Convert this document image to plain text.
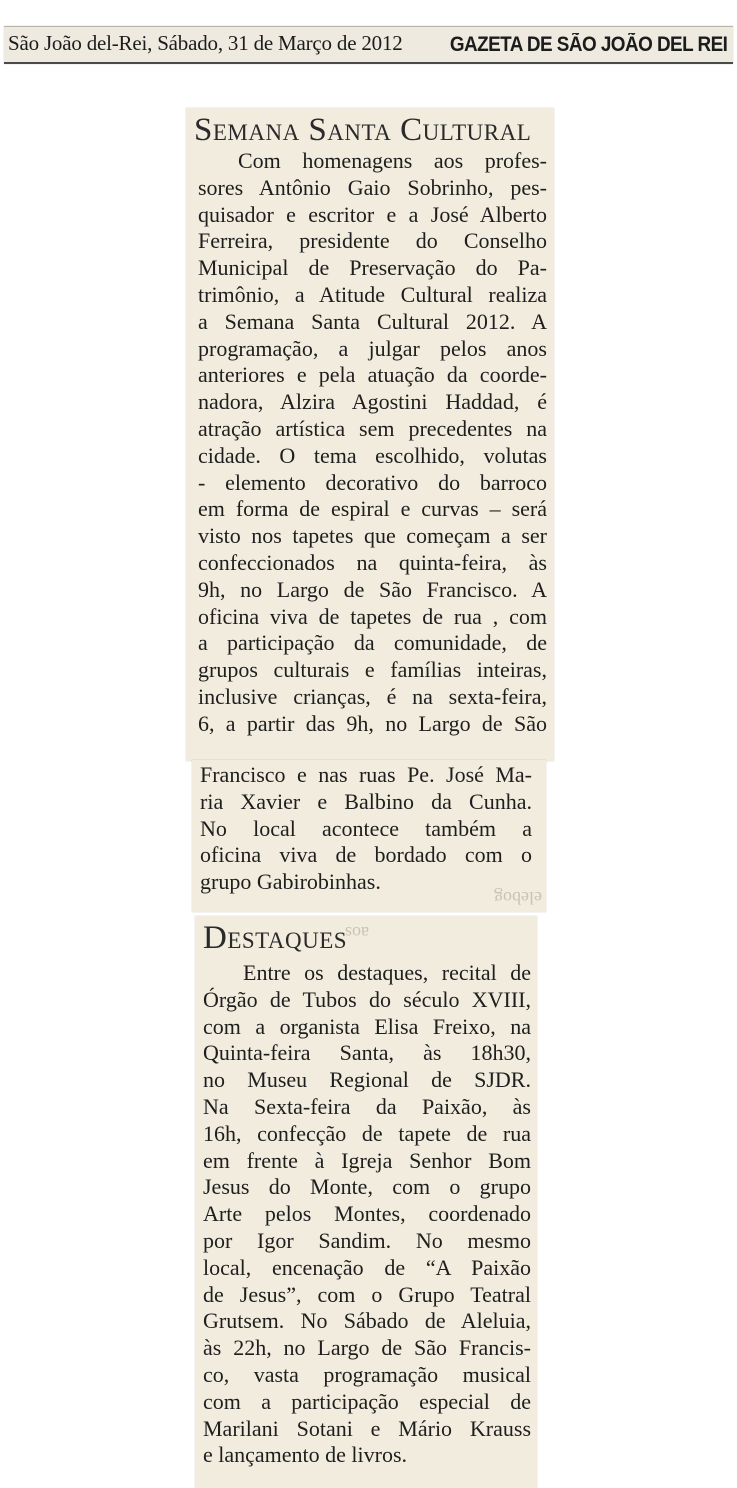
São João del-Rei, Sábado, 31 de Março de 2012 GAZETA DE SÃO JOÃO DEL REI
Semana Santa Cultural
Com homenagens aos profes-
sores Antônio Gaio Sobrinho, pes-
quisador e escritor e a José Alberto
Ferreira, presidente do Conselho
Municipal de Preservação do Pa-
trimônio, a Atitude Cultural realiza
a Semana Santa Cultural 2012. A
programação, a julgar pelos anos
anteriores e pela atuação da coorde-
nadora, Alzira Agostini Haddad, é
atração artística sem precedentes na
cidade. O tema escolhido, volutas
- elemento decorativo do barroco
em forma de espiral e curvas – será
visto nos tapetes que começam a ser
confeccionados na quinta-feira, às
9h, no Largo de São Francisco. A
oficina viva de tapetes de rua , com
a participação da comunidade, de
grupos culturais e famílias inteiras,
inclusive crianças, é na sexta-feira,
6, a partir das 9h, no Largo de São
elebog
Francisco e nas ruas Pe. José Ma-
ria Xavier e Balbino da Cunha.
No local acontece também a
oficina viva de bordado com o
grupo Gabirobinhas.
aos
Destaques
Entre os destaques, recital de
Órgão de Tubos do século XVIII,
com a organista Elisa Freixo, na
Quinta-feira Santa, às 18h30,
no Museu Regional de SJDR.
Na Sexta-feira da Paixão, às
16h, confecção de tapete de rua
em frente à Igreja Senhor Bom
Jesus do Monte, com o grupo
Arte pelos Montes, coordenado
por Igor Sandim. No mesmo
local, encenação de “A Paixão
de Jesus”, com o Grupo Teatral
Grutsem. No Sábado de Aleluia,
às 22h, no Largo de São Francis-
co, vasta programação musical
com a participação especial de
Marilani Sotani e Mário Krauss
e lançamento de livros.
